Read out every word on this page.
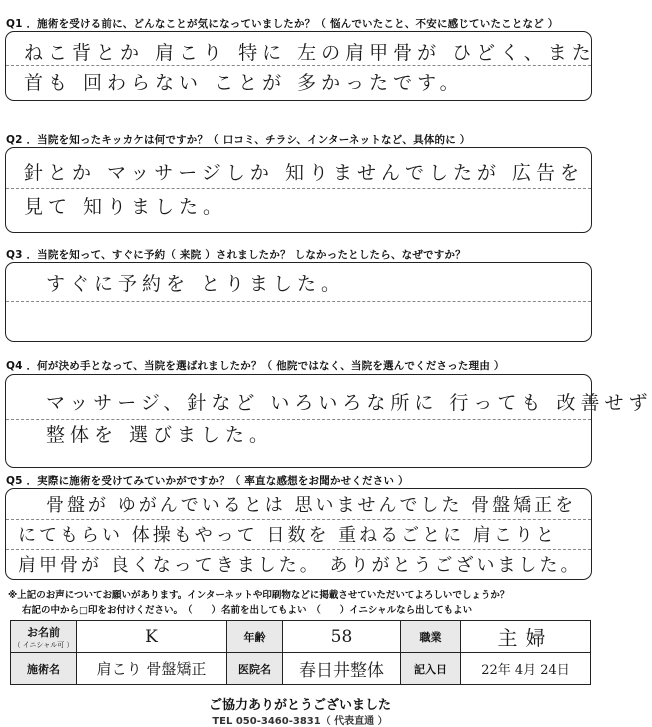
Q1 ．施術を受ける前に、どんなことが気になっていましたか？（ 悩んでいたこと、不安に感じていたことなど ）
ねこ背とか 肩こり 特に 左の肩甲骨が ひどく、また
首も 回わらない ことが 多かったです。
Q2 ．当院を知ったキッカケは何ですか？（ 口コミ、チラシ、インターネットなど、具体的に ）
針とか マッサージしか 知りませんでしたが 広告を
見て 知りました。
Q3 ．当院を知って、すぐに予約（ 来院 ）されましたか？ しなかったとしたら、なぜですか？
すぐに予約を とりました。
Q4 ．何が決め手となって、当院を選ばれましたか？（ 他院ではなく、当院を選んでくださった理由 ）
マッサージ、針など いろいろな所に 行っても 改善せず
整体を 選びました。
Q5 ．実際に施術を受けてみていかがですか？（ 率直な感想をお聞かせください ）
骨盤が ゆがんでいるとは 思いませんでした 骨盤矯正を
にてもらい 体操もやって 日数を 重ねるごとに 肩こりと
肩甲骨が 良くなってきました。 ありがとうございました。
※上記のお声についてお願いがあります。インターネットや印刷物などに掲載させていただいてよろしいでしょうか？
右記の中から□印をお付けください。　（　　）名前を出してもよい　（　　）イニシャルなら出してもよい
お名前
（ イニシャル可 ）	K	年齢	58	職業	主婦
施術名	肩こり 骨盤矯正	医院名	春日井整体	記入日	22年 4月 24日
ご協力ありがとうございました
TEL 050-3460-3831（ 代表直通 ）
